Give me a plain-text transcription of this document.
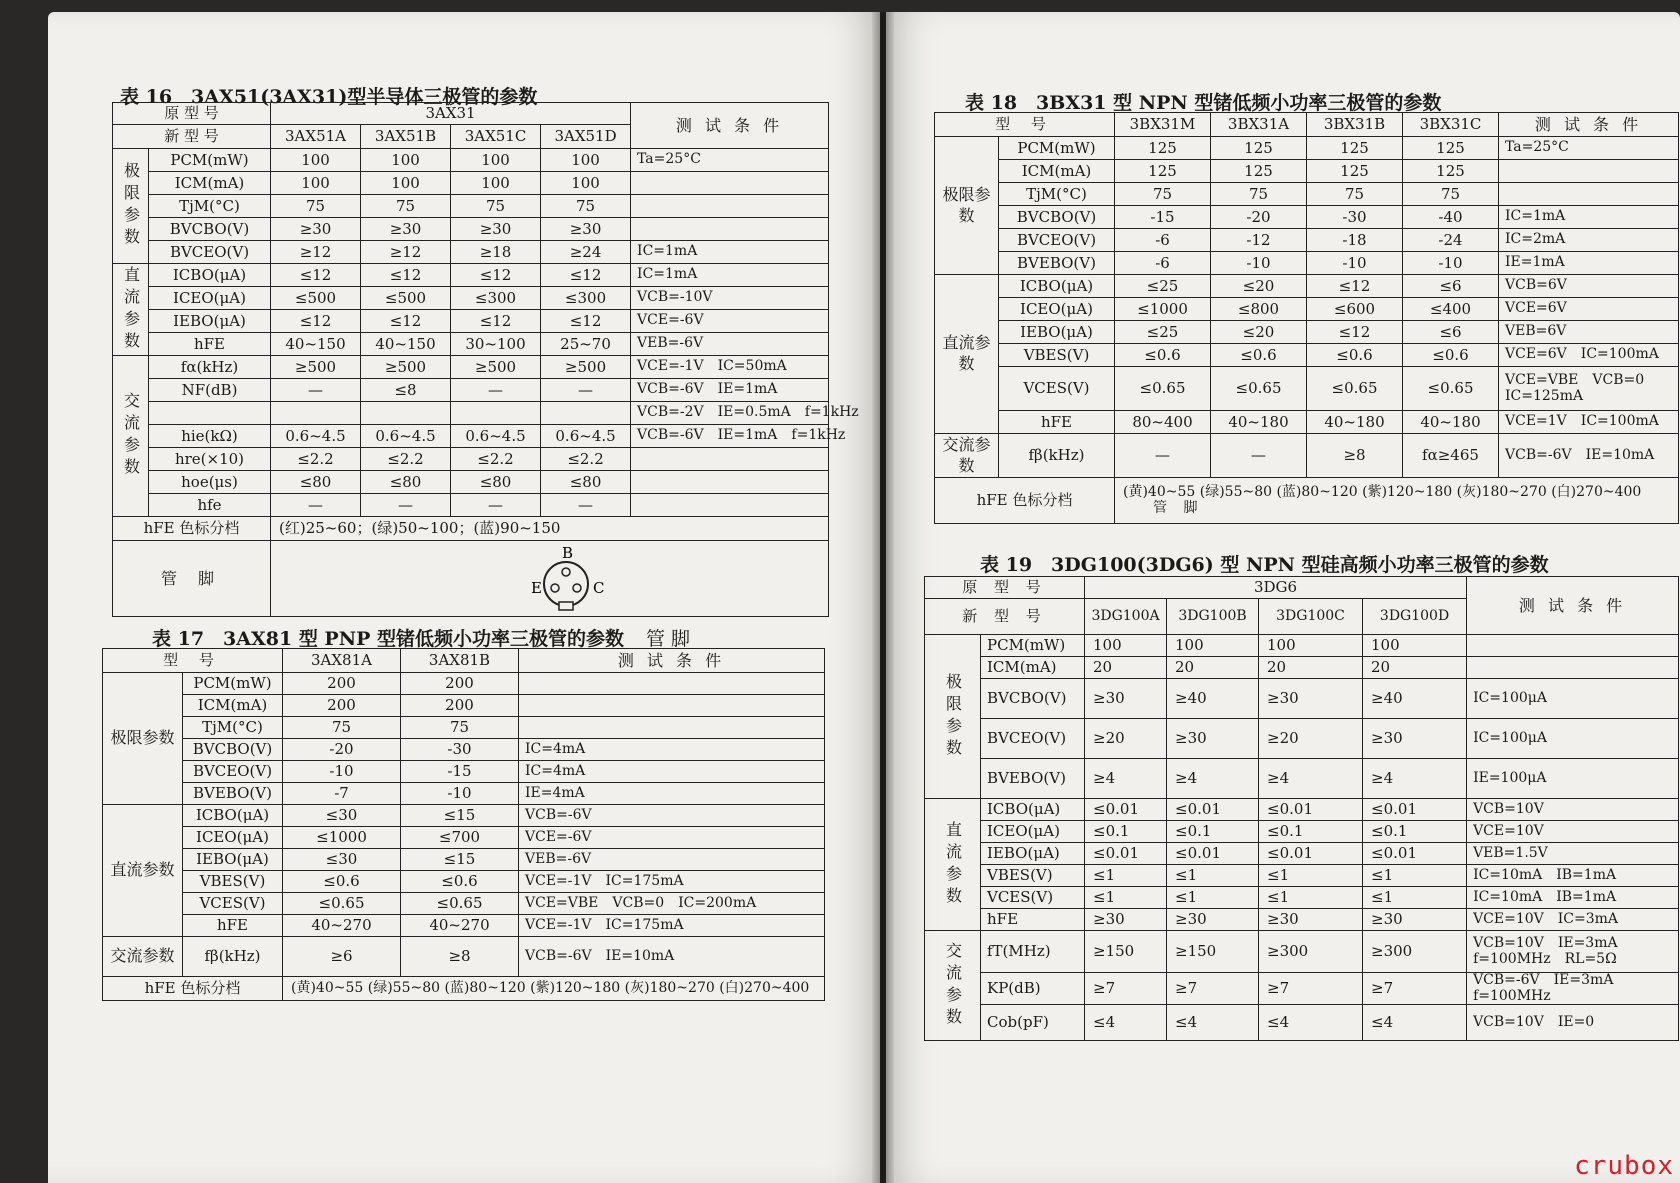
表 16　3AX51(3AX31)型半导体三极管的参数
原 型 号		3AX31				测 试 条 件
新 型 号		3AX51A	3AX51B	3AX51C	3AX51D	
极限参数	PCM(mW)	100	100	100	100	Ta=25°C
	ICM(mA)	100	100	100	100	
	TjM(°C)	75	75	75	75	
	BVCBO(V)	≥30	≥30	≥30	≥30	
	BVCEO(V)	≥12	≥12	≥18	≥24	IC=1mA
直流参数	ICBO(μA)	≤12	≤12	≤12	≤12	IC=1mA
	ICEO(μA)	≤500	≤500	≤300	≤300	VCB=-10V
	IEBO(μA)	≤12	≤12	≤12	≤12	VCE=-6V
	hFE	40~150	40~150	30~100	25~70	VEB=-6V
交流参数	fα(kHz)	≥500	≥500	≥500	≥500	VCE=-1V　IC=50mA
	NF(dB)	—	≤8	—	—	VCB=-6V　IE=1mA
						VCB=-2V　IE=0.5mA　f=1kHz
	hie(kΩ)	0.6~4.5	0.6~4.5	0.6~4.5	0.6~4.5	VCB=-6V　IE=1mA　f=1kHz
	hre(×10)	≤2.2	≤2.2	≤2.2	≤2.2	
	hoe(μs)	≤80	≤80	≤80	≤80	
	hfe	—	—	—	—	
hFE 色标分档		(红)25~60；(绿)50~100；(蓝)90~150				
管 脚		B
E C				
表 17　3AX81 型 PNP 型锗低频小功率三极管的参数 管 脚
型 号		3AX81A	3AX81B	测 试 条 件
极限参数	PCM(mW)	200	200	
	ICM(mA)	200	200	
	TjM(°C)	75	75	
	BVCBO(V)	-20	-30	IC=4mA
	BVCEO(V)	-10	-15	IC=4mA
	BVEBO(V)	-7	-10	IE=4mA
直流参数	ICBO(μA)	≤30	≤15	VCB=-6V
	ICEO(μA)	≤1000	≤700	VCE=-6V
	IEBO(μA)	≤30	≤15	VEB=-6V
	VBES(V)	≤0.6	≤0.6	VCE=-1V　IC=175mA
	VCES(V)	≤0.65	≤0.65	VCE=VBE　VCB=0　IC=200mA
	hFE	40~270	40~270	VCE=-1V　IC=175mA
交流参数	fβ(kHz)	≥6	≥8	VCB=-6V　IE=10mA
hFE 色标分档		(黄)40~55 (绿)55~80 (蓝)80~120 (紫)120~180 (灰)180~270 (白)270~400		
表 18　3BX31 型 NPN 型锗低频小功率三极管的参数
型 号		3BX31M	3BX31A	3BX31B	3BX31C	测 试 条 件
极限参数	PCM(mW)	125	125	125	125	Ta=25°C
	ICM(mA)	125	125	125	125	
	TjM(°C)	75	75	75	75	
	BVCBO(V)	-15	-20	-30	-40	IC=1mA
	BVCEO(V)	-6	-12	-18	-24	IC=2mA
	BVEBO(V)	-6	-10	-10	-10	IE=1mA
直流参数	ICBO(μA)	≤25	≤20	≤12	≤6	VCB=6V
	ICEO(μA)	≤1000	≤800	≤600	≤400	VCE=6V
	IEBO(μA)	≤25	≤20	≤12	≤6	VEB=6V
	VBES(V)	≤0.6	≤0.6	≤0.6	≤0.6	VCE=6V　IC=100mA
	VCES(V)	≤0.65	≤0.65	≤0.65	≤0.65	VCE=VBE　VCB=0　IC=125mA
	hFE	80~400	40~180	40~180	40~180	VCE=1V　IC=100mA
交流参数	fβ(kHz)	—	—	≥8	fα≥465	VCB=-6V　IE=10mA
hFE 色标分档		(黄)40~55 (绿)55~80 (蓝)80~120 (紫)120~180 (灰)180~270 (白)270~400管 脚				
表 19　3DG100(3DG6) 型 NPN 型硅高频小功率三极管的参数
原 型 号		3DG6				测 试 条 件
新 型 号		3DG100A	3DG100B	3DG100C	3DG100D	
极限参数	PCM(mW)	100	100	100	100	
	ICM(mA)	20	20	20	20	
	BVCBO(V)	≥30	≥40	≥30	≥40	IC=100μA
	BVCEO(V)	≥20	≥30	≥20	≥30	IC=100μA
	BVEBO(V)	≥4	≥4	≥4	≥4	IE=100μA
直流参数	ICBO(μA)	≤0.01	≤0.01	≤0.01	≤0.01	VCB=10V
	ICEO(μA)	≤0.1	≤0.1	≤0.1	≤0.1	VCE=10V
	IEBO(μA)	≤0.01	≤0.01	≤0.01	≤0.01	VEB=1.5V
	VBES(V)	≤1	≤1	≤1	≤1	IC=10mA　IB=1mA
	VCES(V)	≤1	≤1	≤1	≤1	IC=10mA　IB=1mA
	hFE	≥30	≥30	≥30	≥30	VCE=10V　IC=3mA
交流参数	fT(MHz)	≥150	≥150	≥300	≥300	VCB=10V　IE=3mA　f=100MHz　RL=5Ω
	KP(dB)	≥7	≥7	≥7	≥7	VCB=-6V　IE=3mA　f=100MHz
	Cob(pF)	≤4	≤4	≤4	≤4	VCB=10V　IE=0
crubox
